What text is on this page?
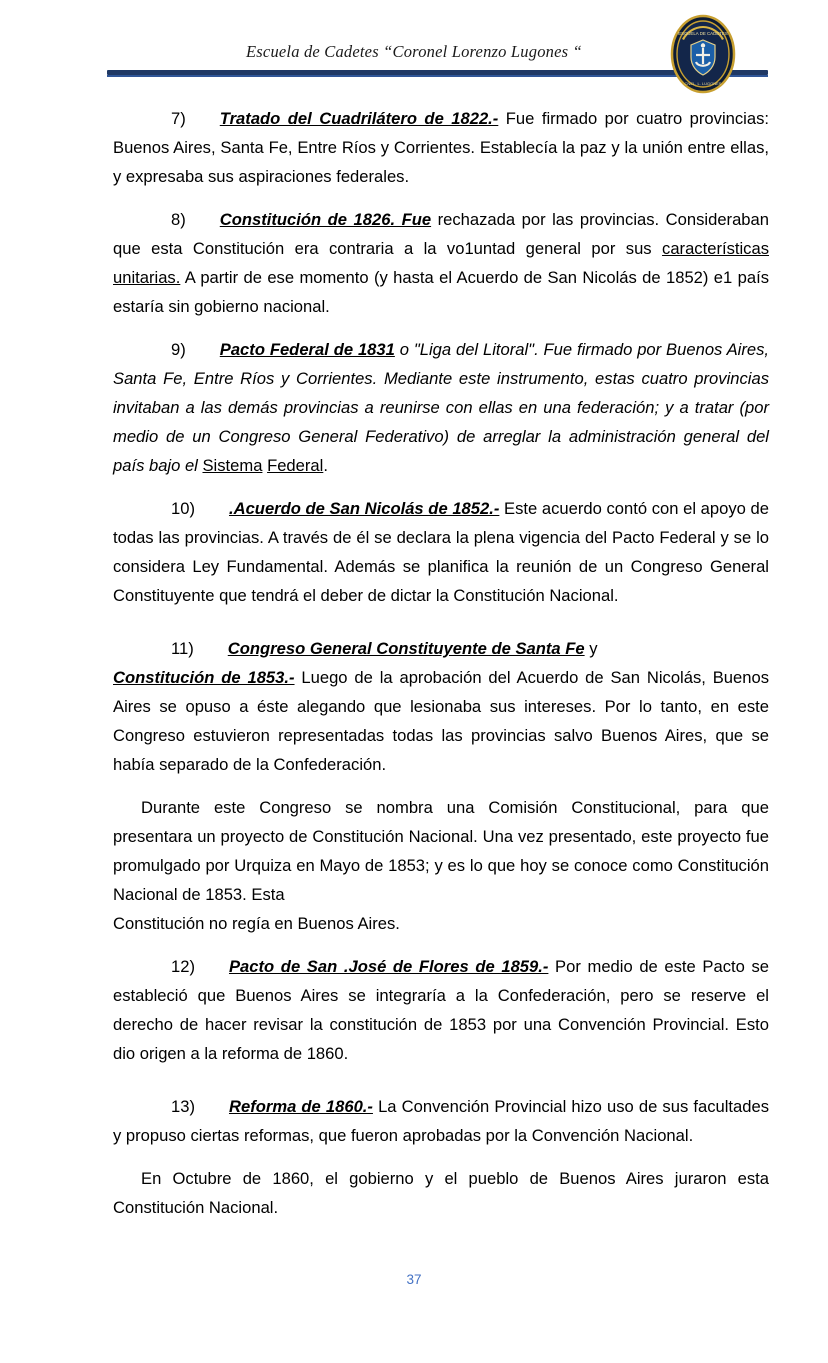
Escuela de Cadetes “Coronel Lorenzo Lugones “
ESCUELA DE CADETES
CNEL. L. LUGONES

7) Tratado del Cuadrilátero de 1822.- Fue firmado por cuatro provincias: Buenos Aires, Santa Fe, Entre Ríos y Corrientes. Establecía la paz y la unión entre ellas, y expresaba sus aspiraciones federales.

8) Constitución de 1826. Fue rechazada por las provincias. Consideraban que esta Constitución era contraria a la vo1untad general por sus características unitarias. A partir de ese momento (y hasta el Acuerdo de San Nicolás de 1852) e1 país estaría sin gobierno nacional.

9) Pacto Federal de 1831 o "Liga del Litoral". Fue firmado por Buenos Aires, Santa Fe, Entre Ríos y Corrientes. Mediante este instrumento, estas cuatro provincias invitaban a las demás provincias a reunirse con ellas en una federación; y a tratar (por medio de un Congreso General Federativo) de arreglar la administración general del país bajo el Sistema Federal.

10) .Acuerdo de San Nicolás de 1852.- Este acuerdo contó con el apoyo de todas las provincias. A través de él se declara la plena vigencia del Pacto Federal y se lo considera Ley Fundamental. Además se planifica la reunión de un Congreso General Constituyente que tendrá el deber de dictar la Constitución Nacional.

11) Congreso General Constituyente de Santa Fe y

Constitución de 1853.- Luego de la aprobación del Acuerdo de San Nicolás, Buenos Aires se opuso a éste alegando que lesionaba sus intereses. Por lo tanto, en este Congreso estuvieron representadas todas las provincias salvo Buenos Aires, que se había separado de la Confederación.

Durante este Congreso se nombra una Comisión Constitucional, para que presentara un proyecto de Constitución Nacional. Una vez presentado, este proyecto fue promulgado por Urquiza en Mayo de 1853; y es lo que hoy se conoce como Constitución Nacional de 1853. Esta

Constitución no regía en Buenos Aires.

12) Pacto de San .José de Flores de 1859.- Por medio de este Pacto se estableció que Buenos Aires se integraría a la Confederación, pero se reserve el derecho de hacer revisar la constitución de 1853 por una Convención Provincial. Esto dio origen a la reforma de 1860.

13) Reforma de 1860.- La Convención Provincial hizo uso de sus facultades y propuso ciertas reformas, que fueron aprobadas por la Convención Nacional.

En Octubre de 1860, el gobierno y el pueblo de Buenos Aires juraron esta Constitución Nacional.

37
